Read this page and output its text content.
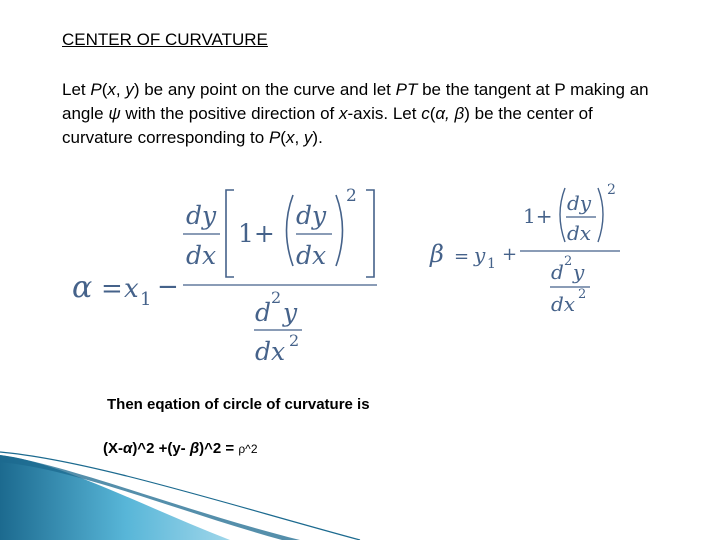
CENTER OF CURVATURE
Let P(x, y) be any point on the curve and let PT be the tangent at P making an angle ψ with the positive direction of x-axis. Let c(α, β) be the center of curvature corresponding to P(x, y).
α = x 1 −
dy
dx
1+
dy
dx
2
d
2
y
dx 2
β = y 1 +
1+
dy
dx
2
d 2 y
dx 2
Then eqation of circle of curvature is
(X-α)^2 +(y- β)^2 = ρ^2
